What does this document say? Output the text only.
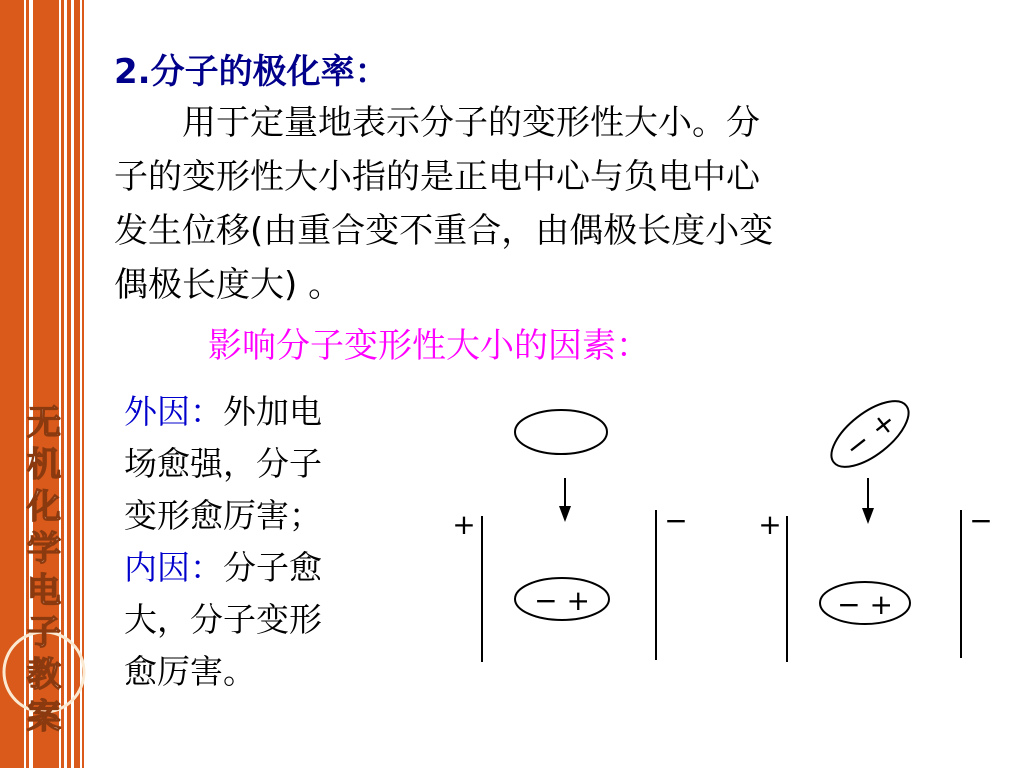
无
机
化
学
电
子
教
案
2.分子的极化率：

　　用于定量地表示分子的变形性大小。分
子的变形性大小指的是正电中心与负电中心
发生位移(由重合变不重合，由偶极长度小变
偶极长度大) 。

影响分子变形性大小的因素：
外因：外加电
场愈强，分子
变形愈厉害；
内因：分子愈
大，分子变形
愈厉害。
+	−
− +
+	−
− +
− +
